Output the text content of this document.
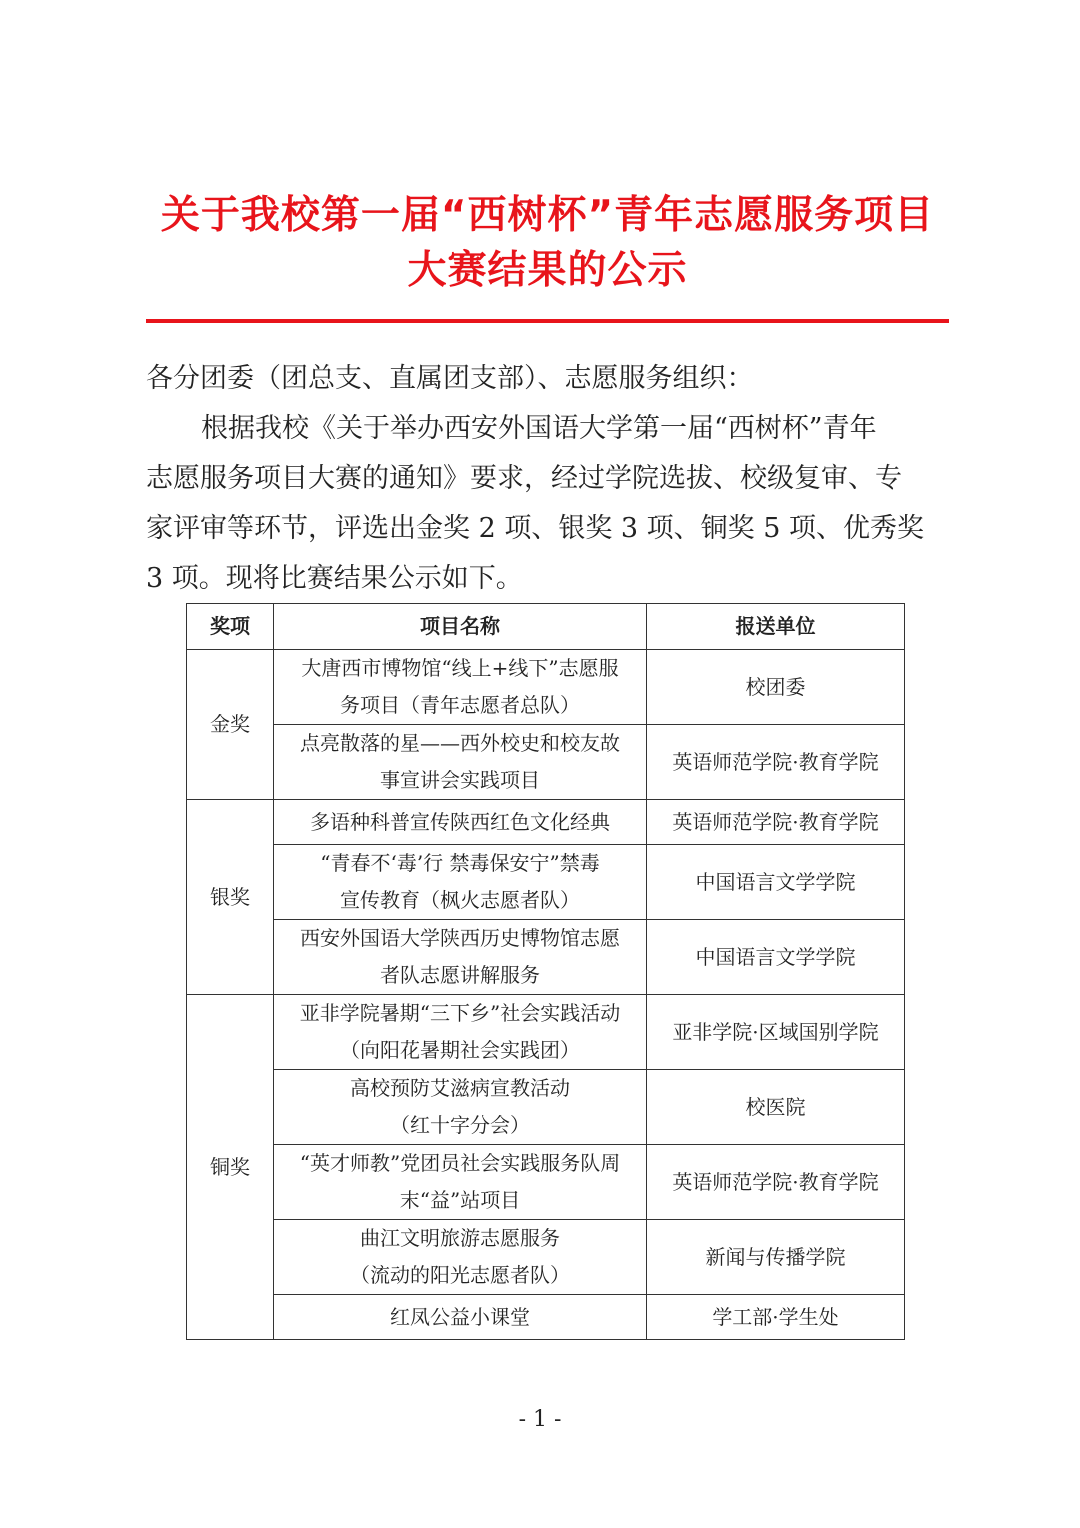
关于我校第一届“西树杯”青年志愿服务项目
大赛结果的公示
各分团委（团总支、直属团支部）、志愿服务组织：
根据我校《关于举办西安外国语大学第一届“西树杯”青年
志愿服务项目大赛的通知》要求，经过学院选拔、校级复审、专
家评审等环节，评选出金奖 2 项、银奖 3 项、铜奖 5 项、优秀奖
3 项。现将比赛结果公示如下。
奖项	项目名称	报送单位
金奖	大唐西市博物馆“线上+线下”志愿服
务项目（青年志愿者总队）	校团委

	点亮散落的星——西外校史和校友故
事宣讲会实践项目	英语师范学院·教育学院
银奖	多语种科普宣传陕西红色文化经典	英语师范学院·教育学院

	“青春不‘毒’行 禁毒保安宁”禁毒
宣传教育（枫火志愿者队）	中国语言文学学院

	西安外国语大学陕西历史博物馆志愿
者队志愿讲解服务	中国语言文学学院
铜奖	亚非学院暑期“三下乡”社会实践活动
（向阳花暑期社会实践团）	亚非学院·区域国别学院

	高校预防艾滋病宣教活动
（红十字分会）	校医院

	“英才师教”党团员社会实践服务队周
末“益”站项目	英语师范学院·教育学院

	曲江文明旅游志愿服务
（流动的阳光志愿者队）	新闻与传播学院

	红凤公益小课堂	学工部·学生处
- 1 -
